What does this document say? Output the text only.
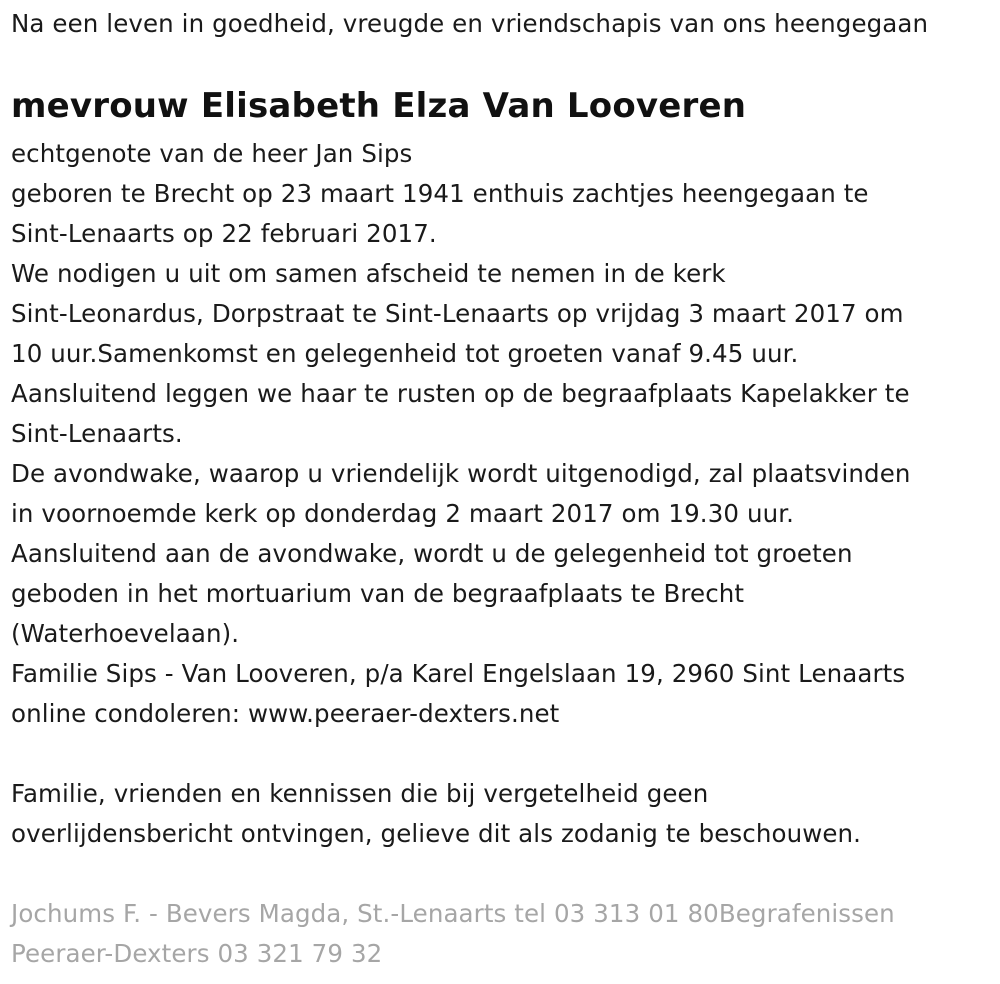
Na een leven in goedheid, vreugde en vriendschapis van ons heengegaan
mevrouw Elisabeth Elza Van Looveren
echtgenote van de heer Jan Sips
geboren te Brecht op 23 maart 1941 enthuis zachtjes heengegaan te
Sint-Lenaarts op 22 februari 2017.
We nodigen u uit om samen afscheid te nemen in de kerk
Sint-Leonardus, Dorpstraat te Sint-Lenaarts op vrijdag 3 maart 2017 om
10 uur.Samenkomst en gelegenheid tot groeten vanaf 9.45 uur.
Aansluitend leggen we haar te rusten op de begraafplaats Kapelakker te
Sint-Lenaarts.
De avondwake, waarop u vriendelijk wordt uitgenodigd, zal plaatsvinden
in voornoemde kerk op donderdag 2 maart 2017 om 19.30 uur.
Aansluitend aan de avondwake, wordt u de gelegenheid tot groeten
geboden in het mortuarium van de begraafplaats te Brecht
(Waterhoevelaan).
Familie Sips - Van Looveren, p/a Karel Engelslaan 19, 2960 Sint Lenaarts
online condoleren: www.peeraer-dexters.net
Familie, vrienden en kennissen die bij vergetelheid geen
overlijdensbericht ontvingen, gelieve dit als zodanig te beschouwen.
Jochums F. - Bevers Magda, St.-Lenaarts tel 03 313 01 80Begrafenissen
Peeraer-Dexters 03 321 79 32
